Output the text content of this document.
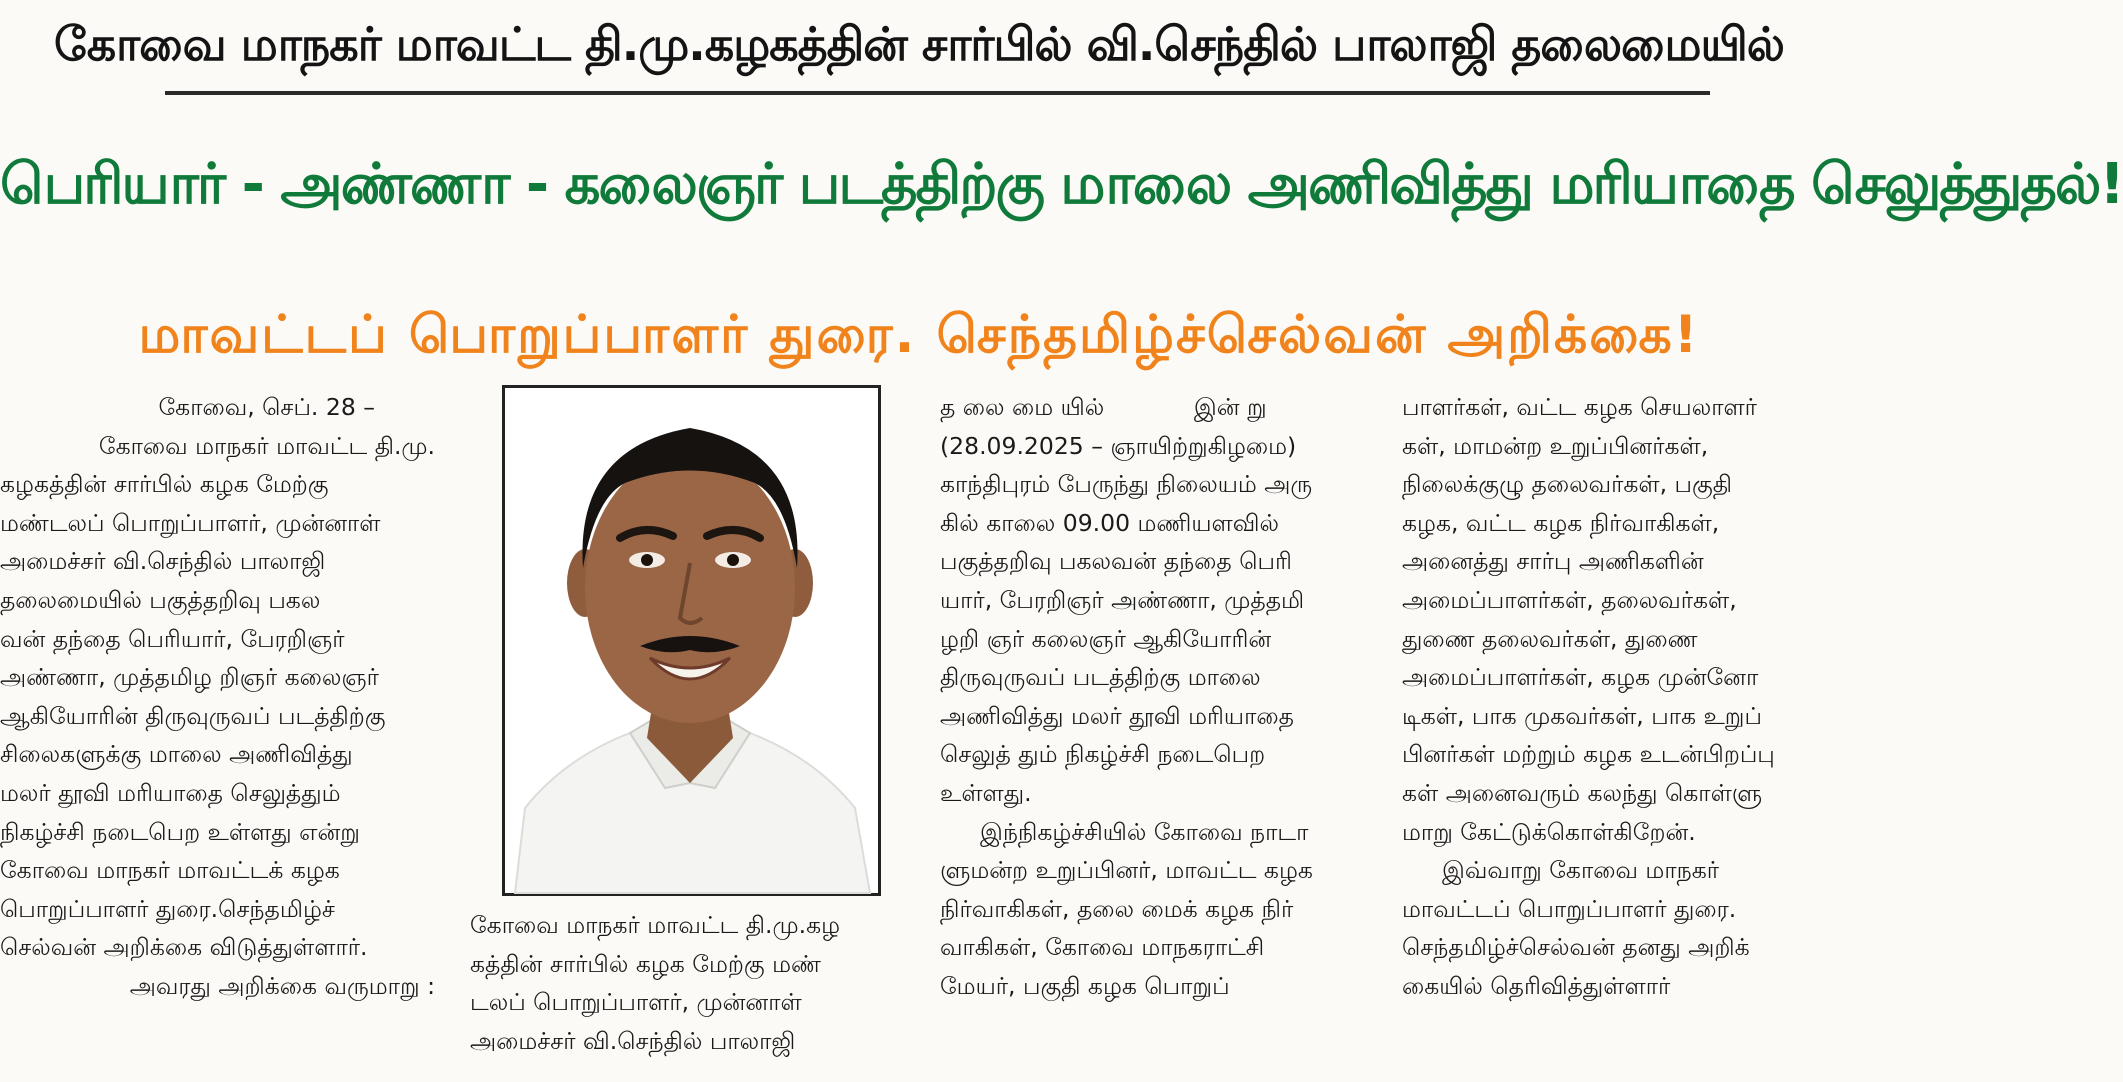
கோவை மாநகர் மாவட்ட தி.மு.கழகத்தின் சார்பில் வி.செந்தில் பாலாஜி தலைமையில்
பெரியார் - அண்ணா - கலைஞர் படத்திற்கு மாலை அணிவித்து மரியாதை செலுத்துதல்!
மாவட்டப் பொறுப்பாளர் துரை. செந்தமிழ்ச்செல்வன் அறிக்கை!
கோவை, செப். 28 –
கோவை மாநகர் மாவட்ட தி.மு.
கழகத்தின் சார்பில் கழக மேற்கு
மண்டலப் பொறுப்பாளர், முன்னாள்
அமைச்சர் வி.செந்தில் பாலாஜி
தலைமையில் பகுத்தறிவு பகல
வன் தந்தை பெரியார், பேரறிஞர்
அண்ணா, முத்தமிழ றிஞர் கலைஞர்
ஆகியோரின் திருவுருவப் படத்திற்கு
சிலைகளுக்கு மாலை அணிவித்து
மலர் தூவி மரியாதை செலுத்தும்
நிகழ்ச்சி நடைபெற உள்ளது என்று
கோவை மாநகர் மாவட்டக் கழக
பொறுப்பாளர் துரை.செந்தமிழ்ச்
செல்வன் அறிக்கை விடுத்துள்ளார்.
அவரது அறிக்கை வருமாறு :
கோவை மாநகர் மாவட்ட தி.மு.கழ
கத்தின் சார்பில் கழக மேற்கு மண்
டலப் பொறுப்பாளர், முன்னாள்
அமைச்சர் வி.செந்தில் பாலாஜி
த லை மை யில்            இன் று
(28.09.2025 – ஞாயிற்றுகிழமை)
காந்திபுரம் பேருந்து நிலையம் அரு
கில் காலை 09.00 மணியளவில்
பகுத்தறிவு பகலவன் தந்தை பெரி
யார், பேரறிஞர் அண்ணா, முத்தமி
ழறி ஞர் கலைஞர் ஆகியோரின்
திருவுருவப் படத்திற்கு மாலை
அணிவித்து மலர் தூவி மரியாதை
செலுத் தும் நிகழ்ச்சி நடைபெற
உள்ளது.
இந்நிகழ்ச்சியில் கோவை நாடா
ளுமன்ற உறுப்பினர், மாவட்ட கழக
நிர்வாகிகள், தலை மைக் கழக நிர்
வாகிகள், கோவை மாநகராட்சி
மேயர், பகுதி கழக பொறுப்
பாளர்கள், வட்ட கழக செயலாளர்
கள், மாமன்ற உறுப்பினர்கள்,
நிலைக்குழு தலைவர்கள், பகுதி
கழக, வட்ட கழக நிர்வாகிகள்,
அனைத்து சார்பு அணிகளின்
அமைப்பாளர்கள், தலைவர்கள்,
துணை தலைவர்கள், துணை
அமைப்பாளர்கள், கழக முன்னோ
டிகள், பாக முகவர்கள், பாக உறுப்
பினர்கள் மற்றும் கழக உடன்பிறப்பு
கள் அனைவரும் கலந்து கொள்ளு
மாறு கேட்டுக்கொள்கிறேன்.
இவ்வாறு கோவை மாநகர்
மாவட்டப் பொறுப்பாளர் துரை.
செந்தமிழ்ச்செல்வன் தனது அறிக்
கையில் தெரிவித்துள்ளார்
